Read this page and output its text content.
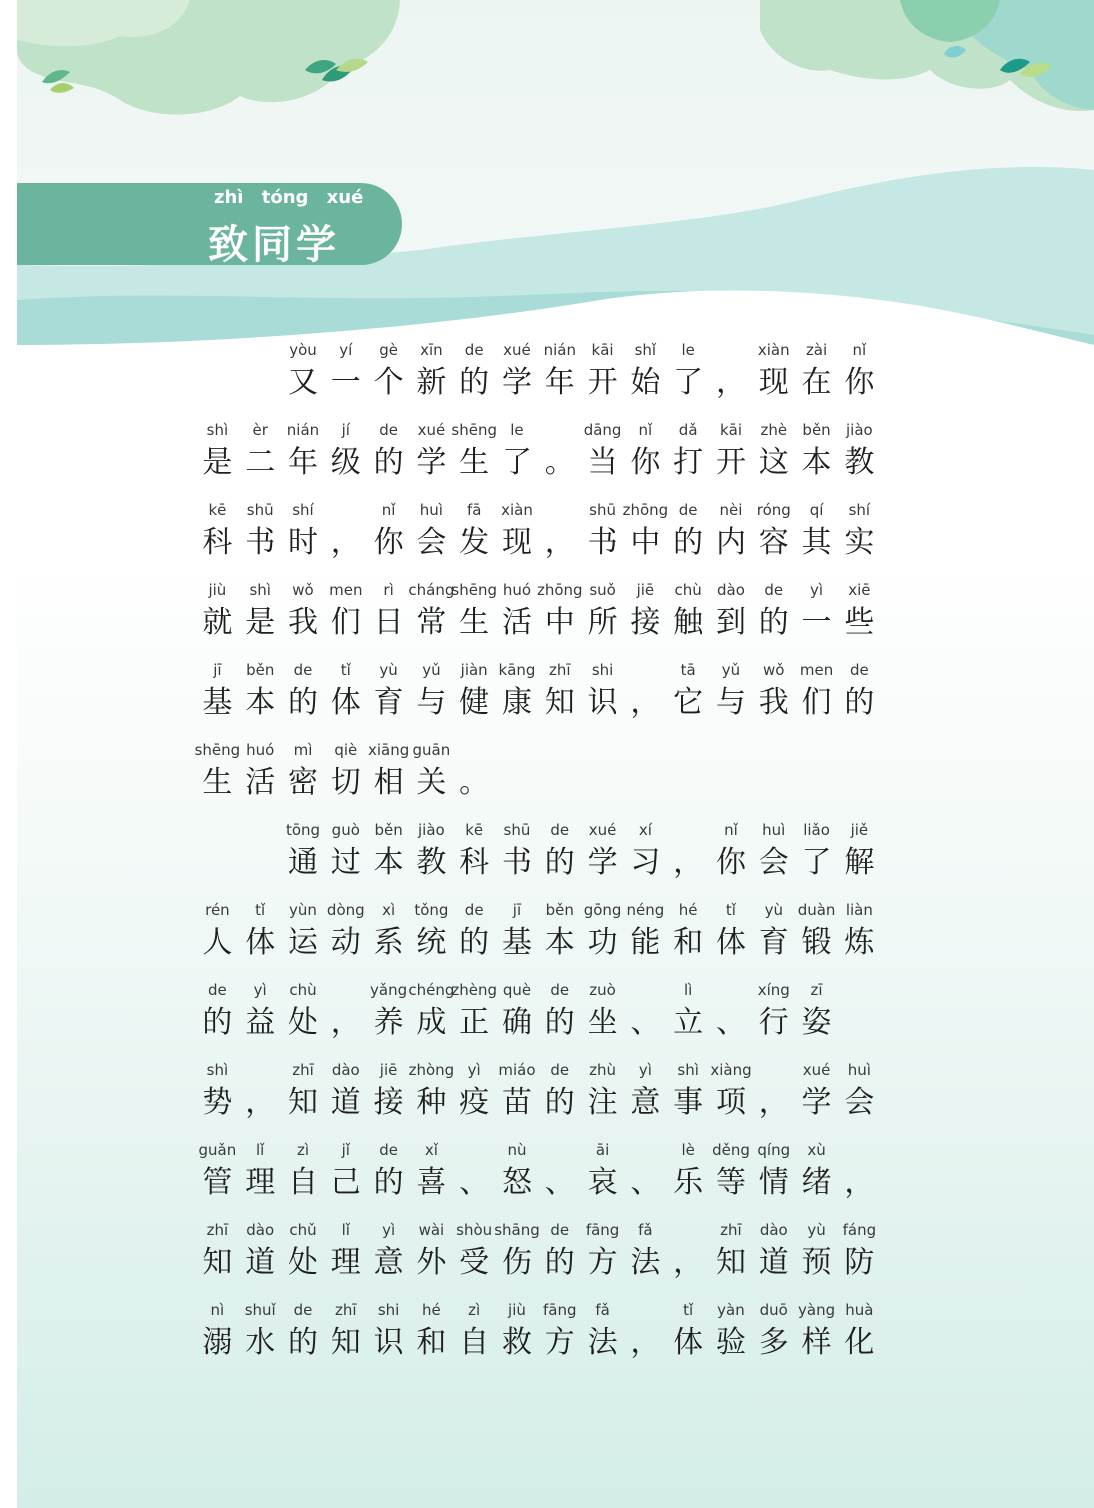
zhì tóng xué
致同学
yòu
又
yí
一
gè
个
xīn
新
de
的
xué
学
nián
年
kāi
开
shǐ
始
le
了 ，
xiàn
现
zài
在
nǐ
你
shì
是
èr
二
nián
年
jí
级
de
的
xué
学
shēng
生
le
了 。
dāng
当
nǐ
你
dǎ
打
kāi
开
zhè
这
běn
本
jiào
教
kē
科
shū
书
shí
时 ，
nǐ
你
huì
会
fā
发
xiàn
现 ，
shū
书
zhōng
中
de
的
nèi
内
róng
容
qí
其
shí
实
jiù
就
shì
是
wǒ
我
men
们
rì
日
cháng
常
shēng
生
huó
活
zhōng
中
suǒ
所
jiē
接
chù
触
dào
到
de
的
yì
一
xiē
些
jī
基
běn
本
de
的
tǐ
体
yù
育
yǔ
与
jiàn
健
kāng
康
zhī
知
shi
识 ，
tā
它
yǔ
与
wǒ
我
men
们
de
的
shēng
生
huó
活
mì
密
qiè
切
xiāng
相
guān
关 。
tōng
通
guò
过
běn
本
jiào
教
kē
科
shū
书
de
的
xué
学
xí
习 ，
nǐ
你
huì
会
liǎo
了
jiě
解
rén
人
tǐ
体
yùn
运
dòng
动
xì
系
tǒng
统
de
的
jī
基
běn
本
gōng
功
néng
能
hé
和
tǐ
体
yù
育
duàn
锻
liàn
炼
de
的
yì
益
chù
处 ，
yǎng
养
chéng
成
zhèng
正
què
确
de
的
zuò
坐 、
lì
立 、
xíng
行
zī
姿
shì
势 ，
zhī
知
dào
道
jiē
接
zhòng
种
yì
疫
miáo
苗
de
的
zhù
注
yì
意
shì
事
xiàng
项 ，
xué
学
huì
会
guǎn
管
lǐ
理
zì
自
jǐ
己
de
的
xǐ
喜 、
nù
怒 、
āi
哀 、
lè
乐
děng
等
qíng
情
xù
绪 ，
zhī
知
dào
道
chǔ
处
lǐ
理
yì
意
wài
外
shòu
受
shāng
伤
de
的
fāng
方
fǎ
法 ，
zhī
知
dào
道
yù
预
fáng
防
nì
溺
shuǐ
水
de
的
zhī
知
shi
识
hé
和
zì
自
jiù
救
fāng
方
fǎ
法 ，
tǐ
体
yàn
验
duō
多
yàng
样
huà
化
